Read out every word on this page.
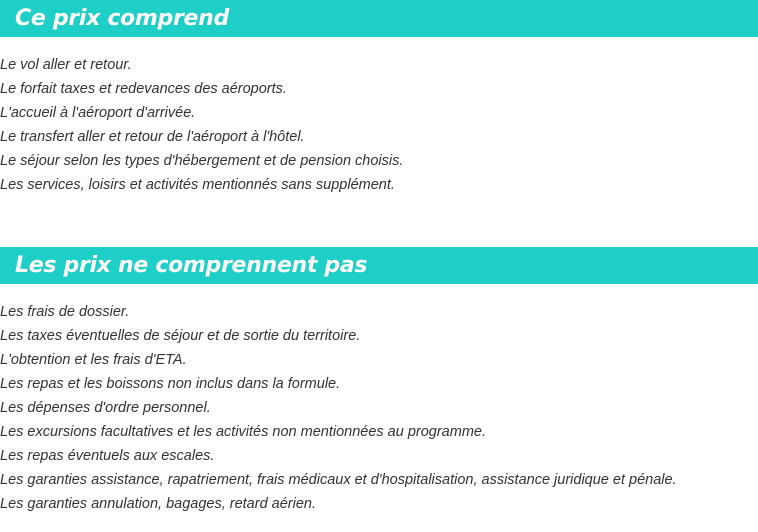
Ce prix comprend
Le vol aller et retour.
Le forfait taxes et redevances des aéroports.
L'accueil à l'aéroport d'arrivée.
Le transfert aller et retour de l'aéroport à l'hôtel.
Le séjour selon les types d'hébergement et de pension choisis.
Les services, loisirs et activités mentionnés sans supplément.
Les prix ne comprennent pas
Les frais de dossier.
Les taxes éventuelles de séjour et de sortie du territoire.
L'obtention et les frais d'ETA.
Les repas et les boissons non inclus dans la formule.
Les dépenses d'ordre personnel.
Les excursions facultatives et les activités non mentionnées au programme.
Les repas éventuels aux escales.
Les garanties assistance, rapatriement, frais médicaux et d'hospitalisation, assistance juridique et pénale.
Les garanties annulation, bagages, retard aérien.
